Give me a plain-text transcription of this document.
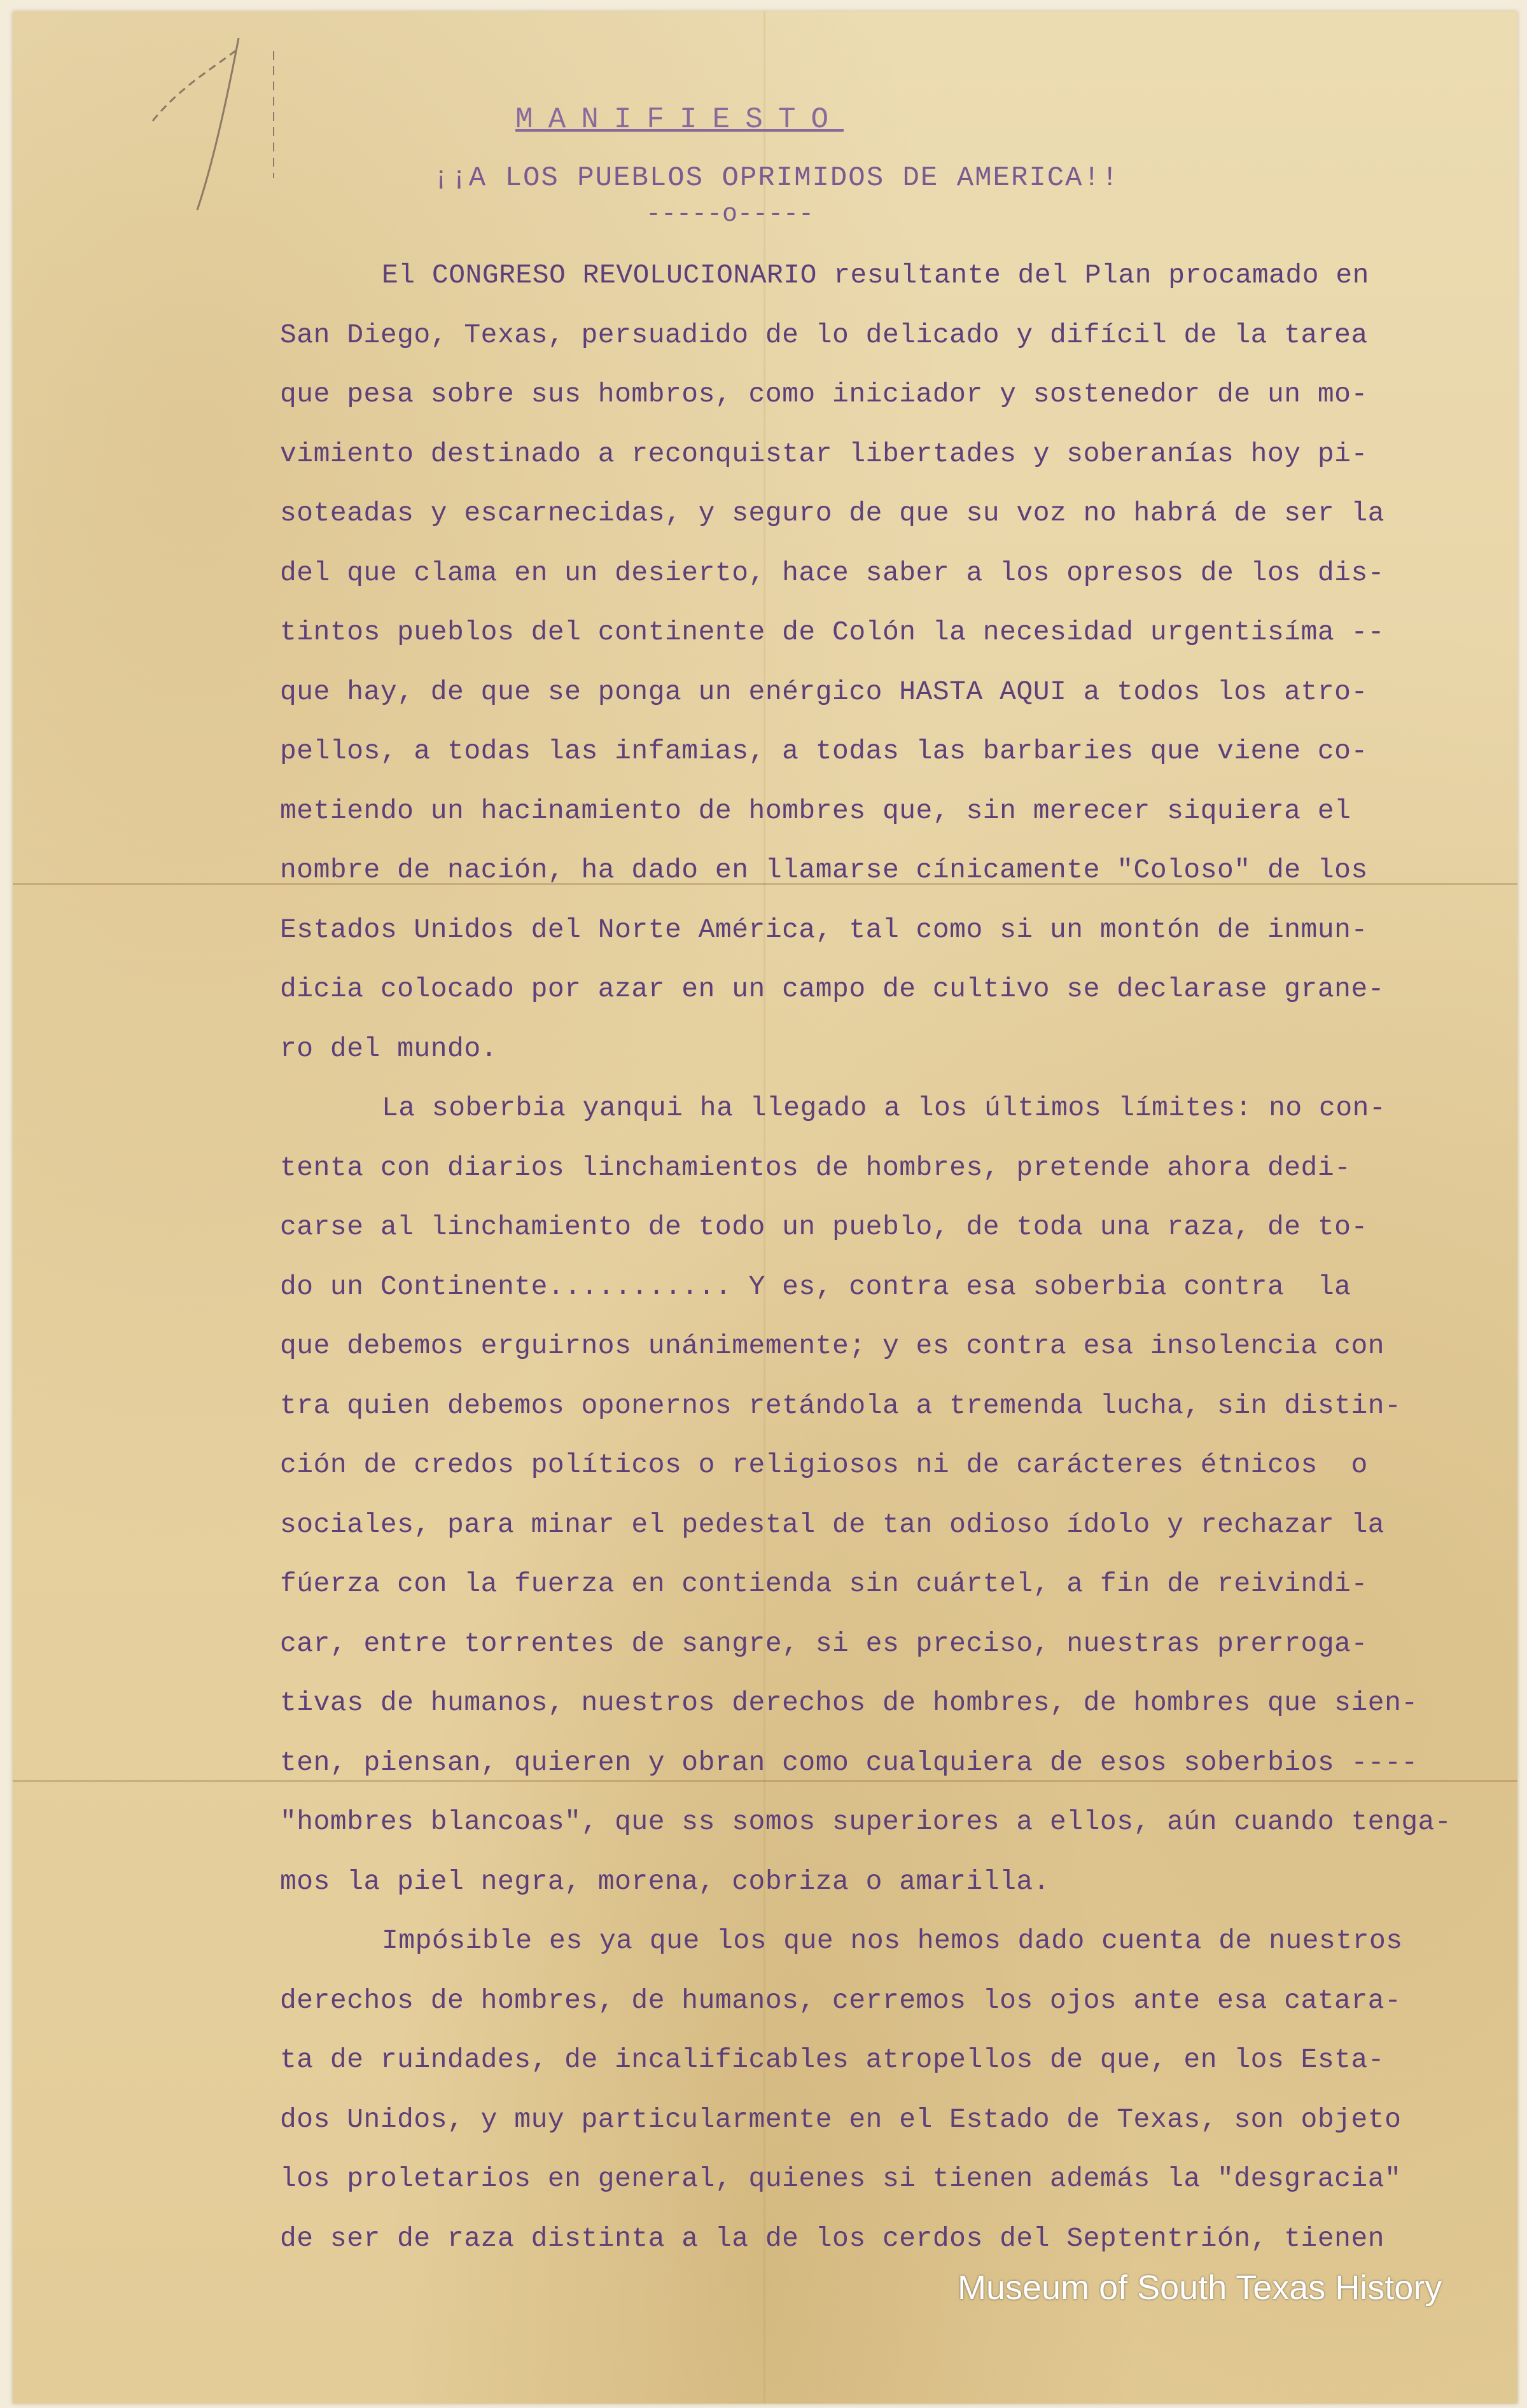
MANIFIESTO
¡¡A LOS PUEBLOS OPRIMIDOS DE AMERICA!!
-----o-----
El CONGRESO REVOLUCIONARIO resultante del Plan procamado en
San Diego, Texas, persuadido de lo delicado y difícil de la tarea
que pesa sobre sus hombros, como iniciador y sostenedor de un mo-
vimiento destinado a reconquistar libertades y soberanías hoy pi-
soteadas y escarnecidas, y seguro de que su voz no habrá de ser la
del que clama en un desierto, hace saber a los opresos de los dis-
tintos pueblos del continente de Colón la necesidad urgentisíma --
que hay, de que se ponga un enérgico HASTA AQUI a todos los atro-
pellos, a todas las infamias, a todas las barbaries que viene co-
metiendo un hacinamiento de hombres que, sin merecer siquiera el
nombre de nación, ha dado en llamarse cínicamente "Coloso" de los
Estados Unidos del Norte América, tal como si un montón de inmun-
dicia colocado por azar en un campo de cultivo se declarase grane-
ro del mundo.
La soberbia yanqui ha llegado a los últimos límites: no con-
tenta con diarios linchamientos de hombres, pretende ahora dedi-
carse al linchamiento de todo un pueblo, de toda una raza, de to-
do un Continente........... Y es, contra esa soberbia contra  la
que debemos erguirnos unánimemente; y es contra esa insolencia con
tra quien debemos oponernos retándola a tremenda lucha, sin distin-
ción de credos políticos o religiosos ni de carácteres étnicos  o
sociales, para minar el pedestal de tan odioso ídolo y rechazar la
fúerza con la fuerza en contienda sin cuártel, a fin de reivindi-
car, entre torrentes de sangre, si es preciso, nuestras prerroga-
tivas de humanos, nuestros derechos de hombres, de hombres que sien-
ten, piensan, quieren y obran como cualquiera de esos soberbios ----
"hombres blancoas", que ss somos superiores a ellos, aún cuando tenga-
mos la piel negra, morena, cobriza o amarilla.
Impósible es ya que los que nos hemos dado cuenta de nuestros
derechos de hombres, de humanos, cerremos los ojos ante esa catara-
ta de ruindades, de incalificables atropellos de que, en los Esta-
dos Unidos, y muy particularmente en el Estado de Texas, son objeto
los proletarios en general, quienes si tienen además la "desgracia"
de ser de raza distinta a la de los cerdos del Septentrión, tienen
Museum of South Texas History
